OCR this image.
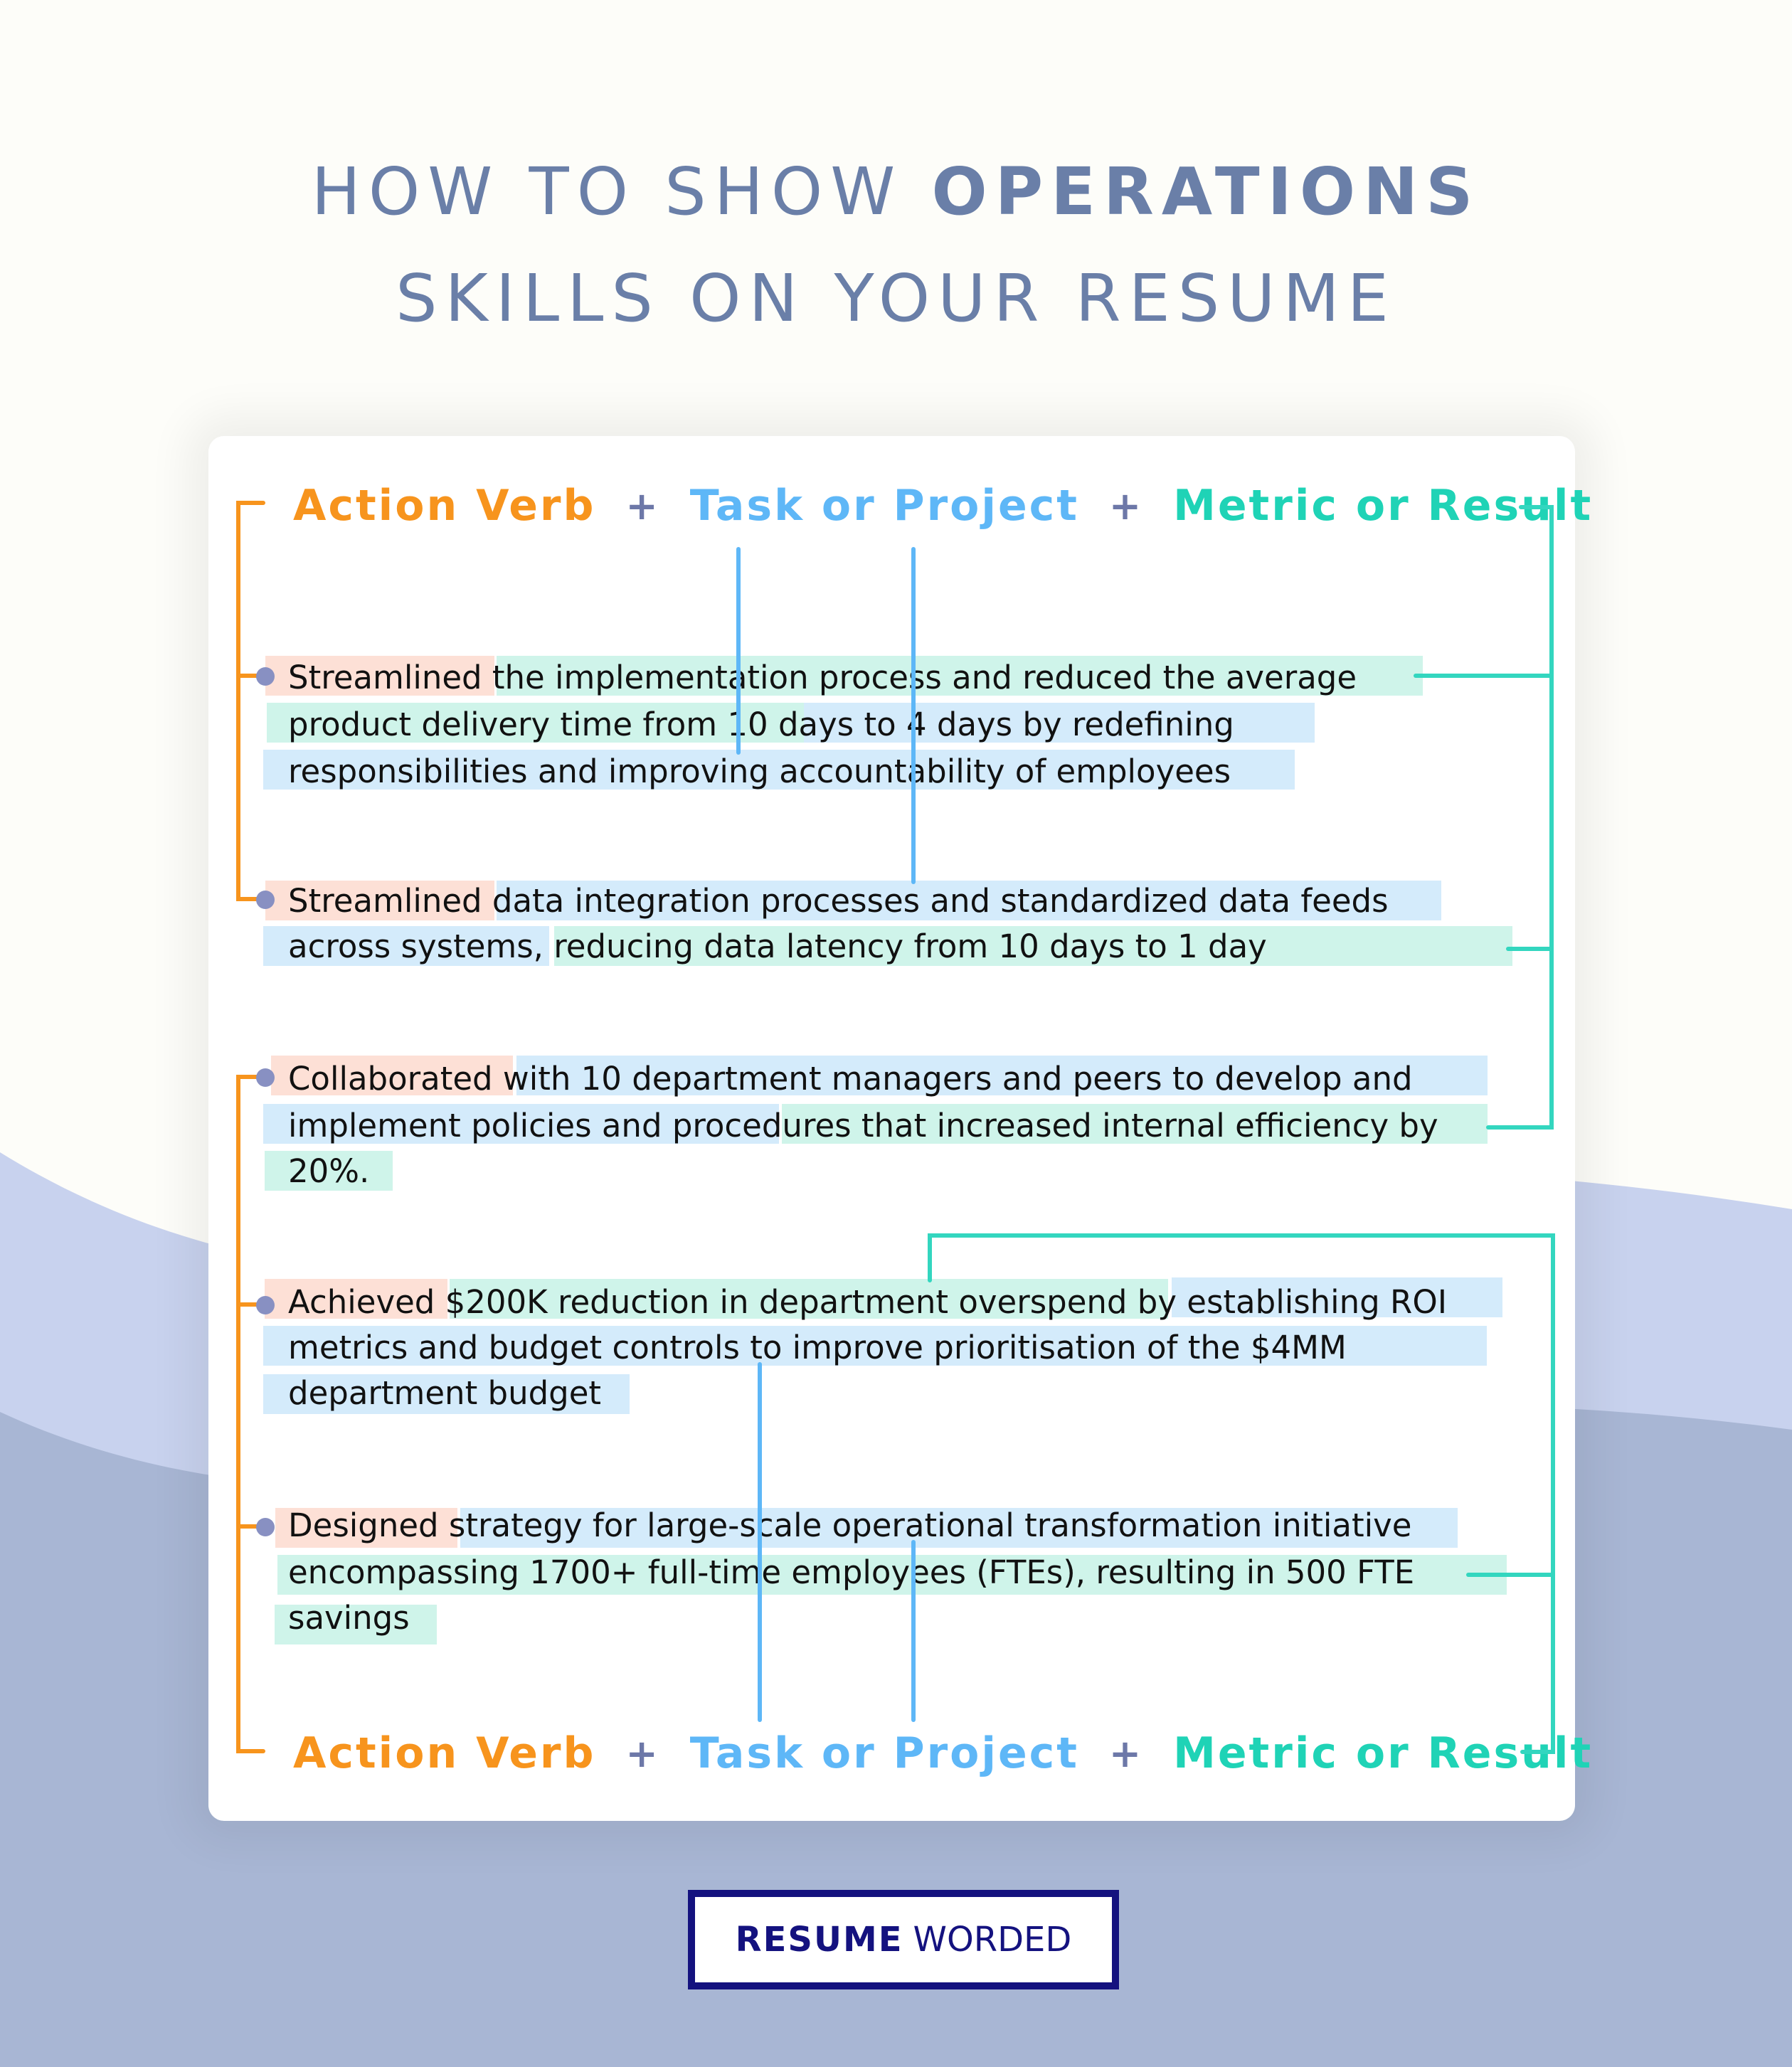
HOW TO SHOW OPERATIONS
SKILLS ON YOUR RESUME
Action Verb + Task or Project + Metric or Result
Action Verb + Task or Project + Metric or Result
Streamlined the implementation process and reduced the average
product delivery time from 10 days to 4 days by redefining
responsibilities and improving accountability of employees
Streamlined data integration processes and standardized data feeds
across systems, reducing data latency from 10 days to 1 day
Collaborated with 10 department managers and peers to develop and
implement policies and procedures that increased internal efficiency by
20%.
Achieved $200K reduction in department overspend by establishing ROI
metrics and budget controls to improve prioritisation of the $4MM
department budget
Designed strategy for large-scale operational transformation initiative
encompassing 1700+ full-time employees (FTEs), resulting in 500 FTE
savings
RESUME WORDED
